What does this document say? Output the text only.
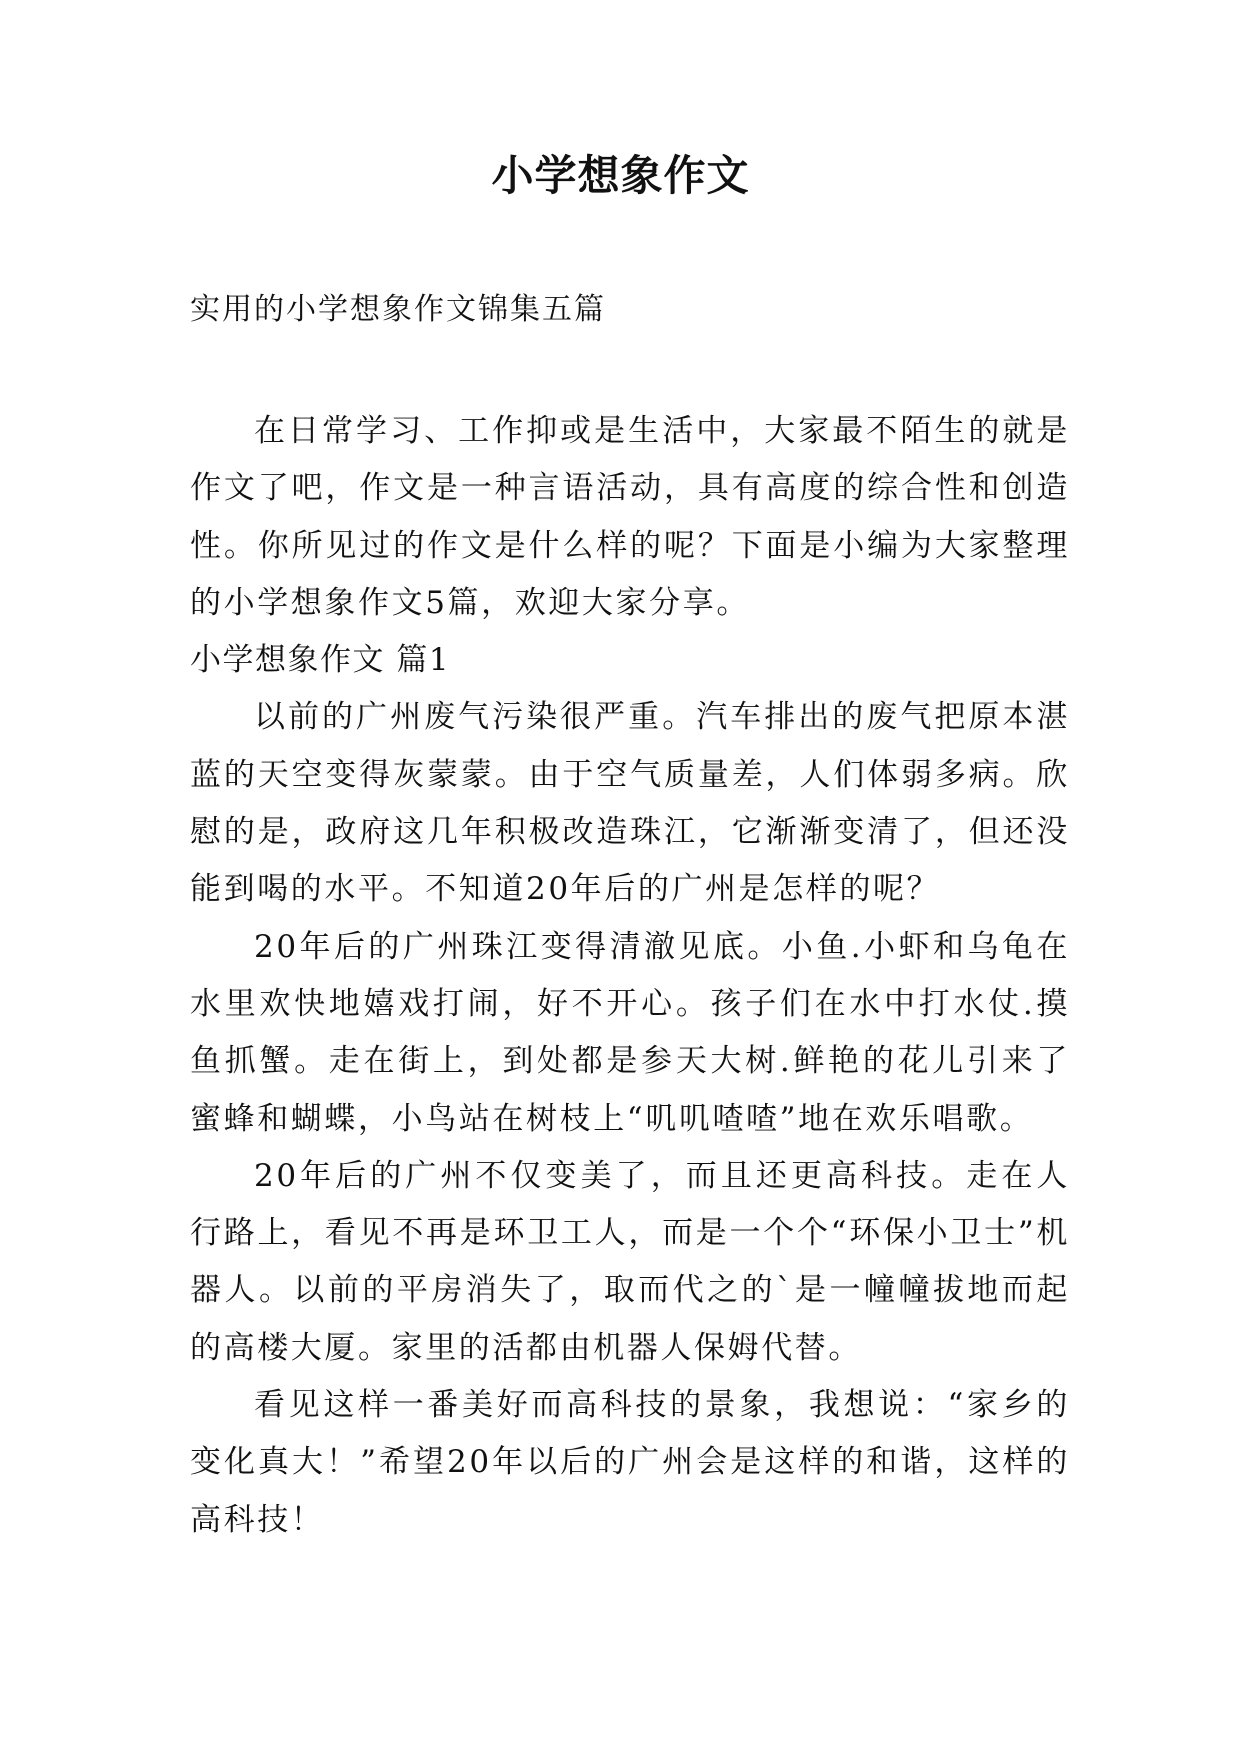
小学想象作文
实用的小学想象作文锦集五篇

在日常学习、工作抑或是生活中，大家最不陌生的就是作文了吧，作文是一种言语活动，具有高度的综合性和创造性。你所见过的作文是什么样的呢？下面是小编为大家整理的小学想象作文5篇，欢迎大家分享。

小学想象作文 篇1

以前的广州废气污染很严重。汽车排出的废气把原本湛蓝的天空变得灰蒙蒙。由于空气质量差，人们体弱多病。欣慰的是，政府这几年积极改造珠江，它渐渐变清了，但还没能到喝的水平。不知道20年后的广州是怎样的呢？

20年后的广州珠江变得清澈见底。小鱼.小虾和乌龟在水里欢快地嬉戏打闹，好不开心。孩子们在水中打水仗.摸鱼抓蟹。走在街上，到处都是参天大树.鲜艳的花儿引来了蜜蜂和蝴蝶，小鸟站在树枝上“叽叽喳喳”地在欢乐唱歌。

20年后的广州不仅变美了，而且还更高科技。走在人行路上，看见不再是环卫工人，而是一个个“环保小卫士”机器人。以前的平房消失了，取而代之的`是一幢幢拔地而起的高楼大厦。家里的活都由机器人保姆代替。

看见这样一番美好而高科技的景象，我想说：“家乡的变化真大！”希望20年以后的广州会是这样的和谐，这样的高科技！
